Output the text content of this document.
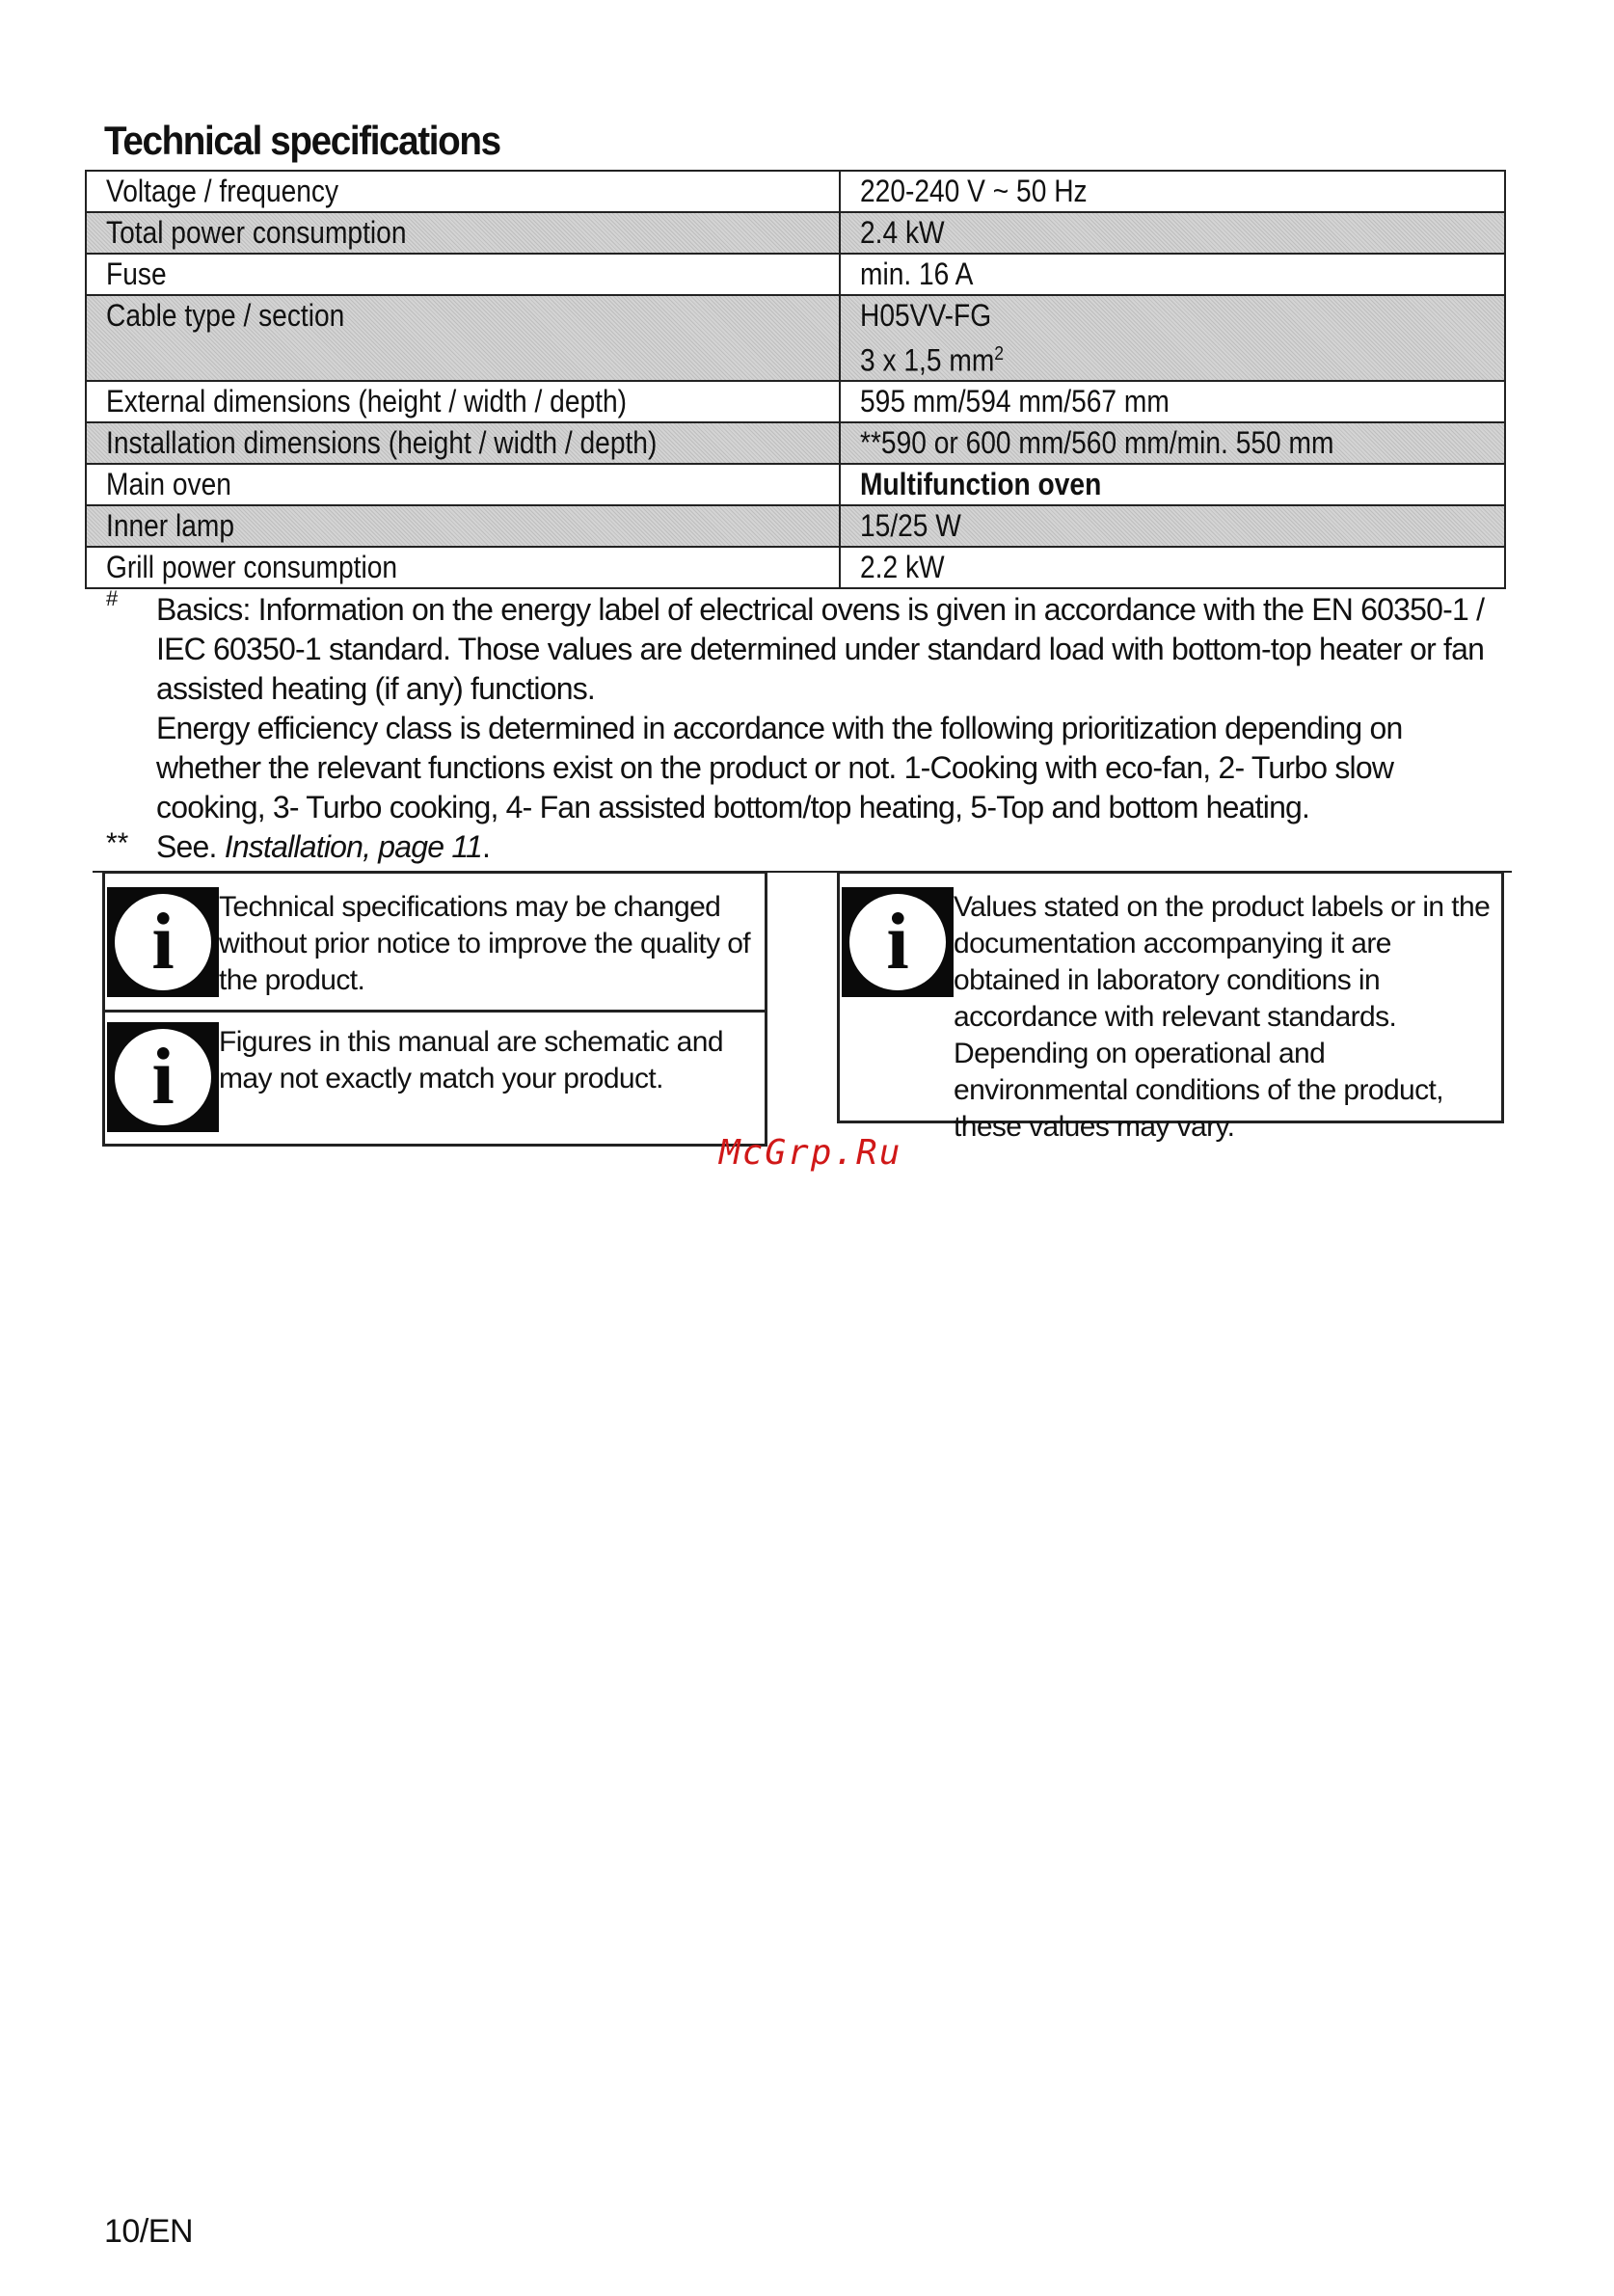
Technical specifications
Voltage / frequency	220-240 V ~ 50 Hz
Total power consumption	2.4 kW
Fuse	min. 16 A
Cable type / section	H05VV-FG
3 x 1,5 $mm^2$
External dimensions (height / width / depth)	595 mm/594 mm/567 mm
Installation dimensions (height / width / depth)	**590 or 600 mm/560 mm/min. 550 mm
Main oven	Multifunction oven
Inner lamp	15/25 W
Grill power consumption	2.2 kW
# Basics: Information on the energy label of electrical ovens is given in accordance with the EN 60350-1 / IEC 60350-1 standard. Those values are determined under standard load with bottom-top heater or fan assisted heating (if any) functions.

Energy efficiency class is determined in accordance with the following prioritization depending on whether the relevant functions exist on the product or not. 1-Cooking with eco-fan, 2- Turbo slow cooking, 3- Turbo cooking, 4- Fan assisted bottom/top heating, 5-Top and bottom heating.

** See. Installation, page 11.
i	Technical specifications may be changed without prior notice to improve the quality of the product.
i	Figures in this manual are schematic and may not exactly match your product.
i	Values stated on the product labels or in the documentation accompanying it are obtained in laboratory conditions in accordance with relevant standards. Depending on operational and environmental conditions of the product, these values may vary.
McGrp.Ru
10/EN
